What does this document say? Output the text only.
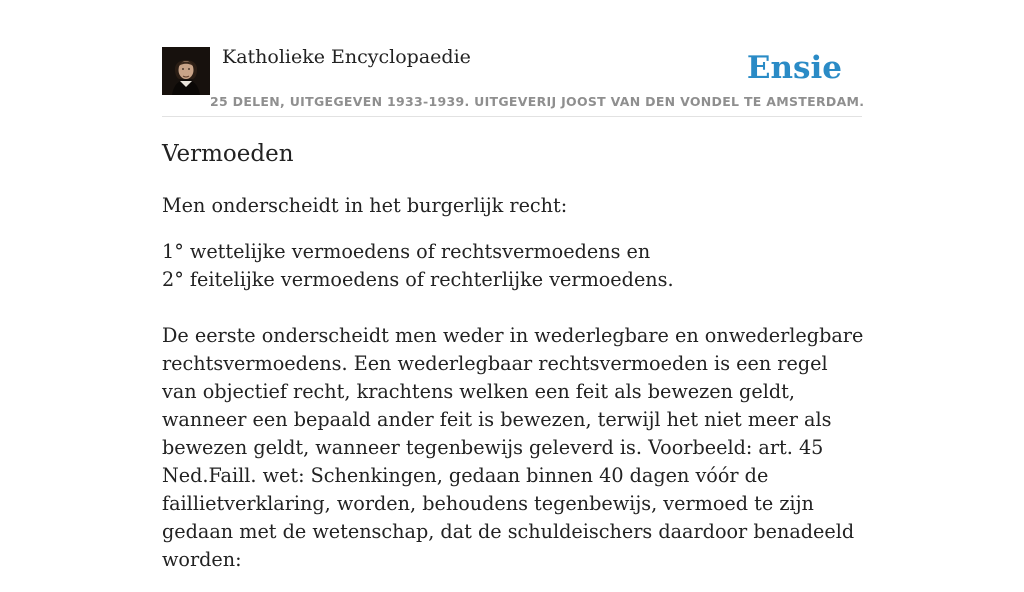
Katholieke Encyclopaedie
25 DELEN, UITGEGEVEN 1933-1939. UITGEVERIJ JOOST VAN DEN VONDEL TE AMSTERDAM.
Ensie
Vermoeden

Men onderscheidt in het burgerlijk recht:

1° wettelijke vermoedens of rechtsvermoedens en
2° feitelijke vermoedens of rechterlijke vermoedens.

De eerste onderscheidt men weder in wederlegbare en onwederlegbare rechtsvermoedens. Een wederlegbaar rechtsvermoeden is een regel van objectief recht, krachtens welken een feit als bewezen geldt, wanneer een bepaald ander feit is bewezen, terwijl het niet meer als bewezen geldt, wanneer tegenbewijs geleverd is. Voorbeeld: art. 45 Ned.Faill. wet: Schenkingen, gedaan binnen 40 dagen vóór de faillietverklaring, worden, behoudens tegenbewijs, vermoed te zijn gedaan met de wetenschap, dat de schuldeischers daardoor benadeeld worden:
